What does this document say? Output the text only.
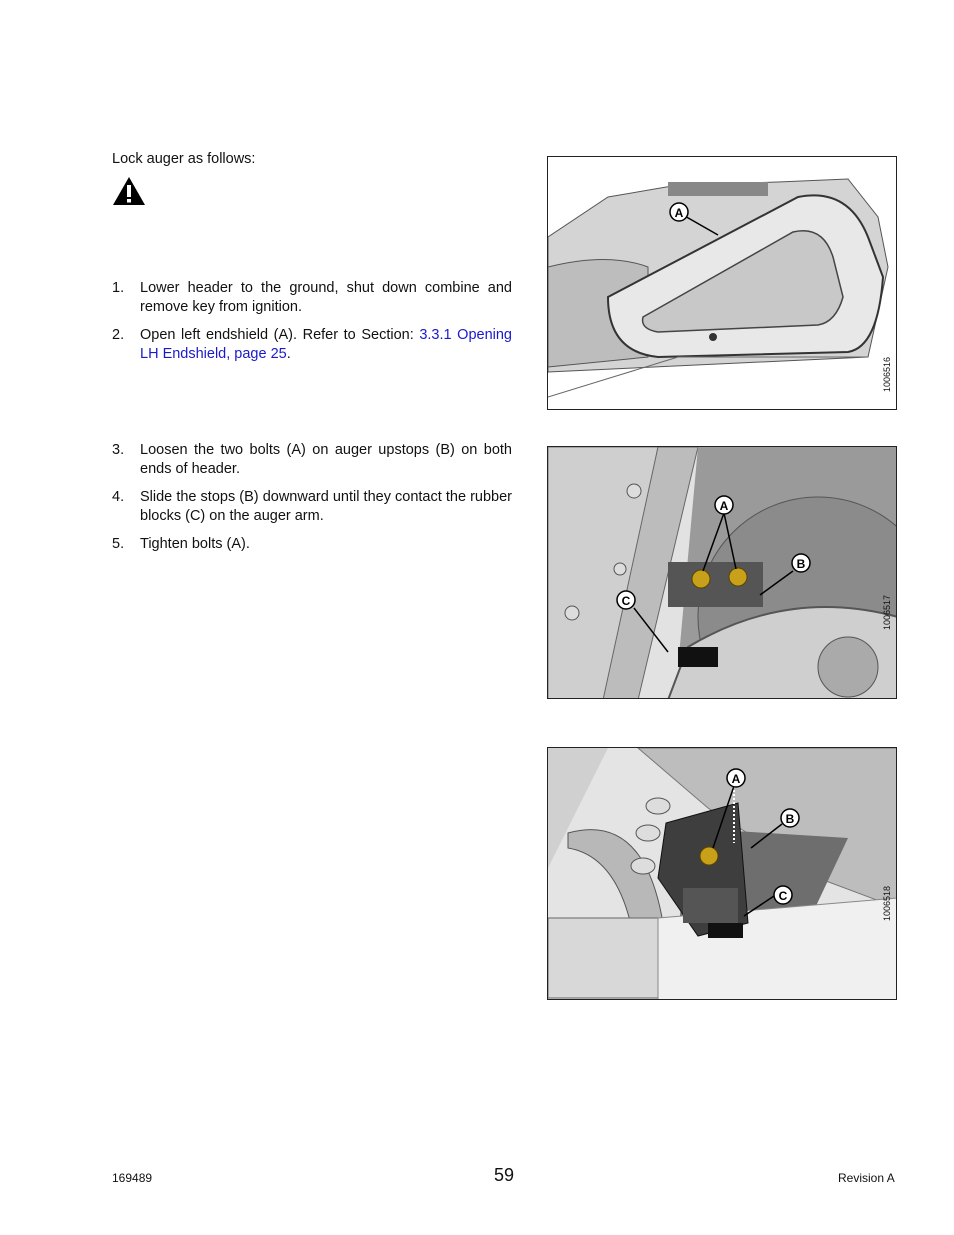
Lock auger as follows:
1. Lower header to the ground, shut down combine and remove key from ignition.
2. Open left endshield (A). Refer to Section: 3.3.1 Opening LH Endshield, page 25.
3. Loosen the two bolts (A) on auger upstops (B) on both ends of header.
4. Slide the stops (B) downward until they contact the rubber blocks (C) on the auger arm.
5. Tighten bolts (A).
A
1006516
A
B
C	1006517
A
B
C	1006518
169489	59	Revision A
